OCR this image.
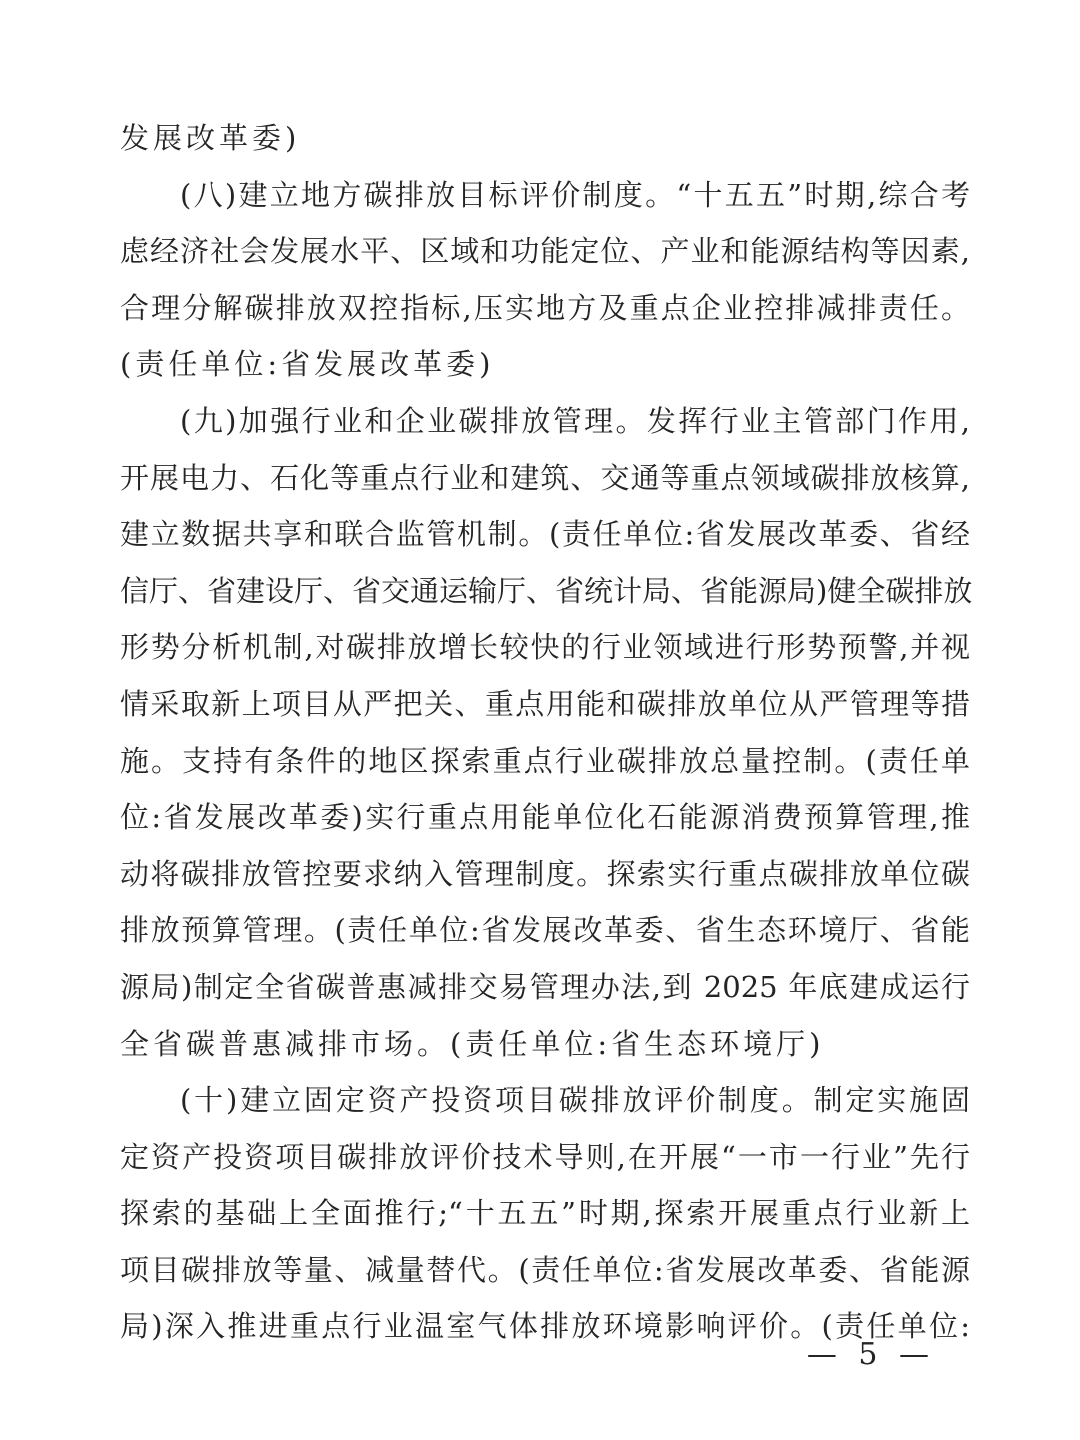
发展改革委)
(八)建立地方碳排放目标评价制度。“十五五”时期,综合考
虑经济社会发展水平、区域和功能定位、产业和能源结构等因素,
合理分解碳排放双控指标,压实地方及重点企业控排减排责任。
(责任单位:省发展改革委)
(九)加强行业和企业碳排放管理。发挥行业主管部门作用,
开展电力、石化等重点行业和建筑、交通等重点领域碳排放核算,
建立数据共享和联合监管机制。(责任单位:省发展改革委、省经
信厅、省建设厅、省交通运输厅、省统计局、省能源局)健全碳排放
形势分析机制,对碳排放增长较快的行业领域进行形势预警,并视
情采取新上项目从严把关、重点用能和碳排放单位从严管理等措
施。支持有条件的地区探索重点行业碳排放总量控制。(责任单
位:省发展改革委)实行重点用能单位化石能源消费预算管理,推
动将碳排放管控要求纳入管理制度。探索实行重点碳排放单位碳
排放预算管理。(责任单位:省发展改革委、省生态环境厅、省能
源局)制定全省碳普惠减排交易管理办法,到 2025 年底建成运行
全省碳普惠减排市场。(责任单位:省生态环境厅)
(十)建立固定资产投资项目碳排放评价制度。制定实施固
定资产投资项目碳排放评价技术导则,在开展“一市一行业”先行
探索的基础上全面推行;“十五五”时期,探索开展重点行业新上
项目碳排放等量、减量替代。(责任单位:省发展改革委、省能源
局)深入推进重点行业温室气体排放环境影响评价。(责任单位:
— 5 —
